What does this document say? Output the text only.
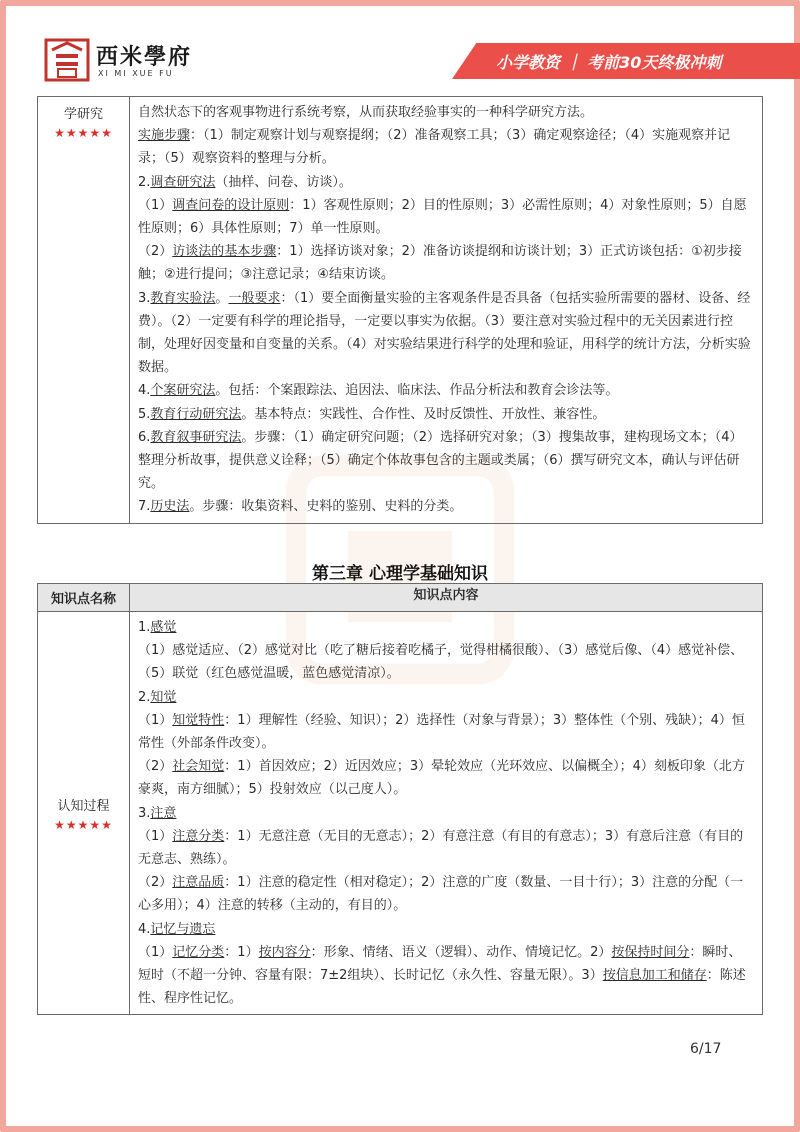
西米學府
XI MI XUE FU
小学教资 ｜ 考前30天终极冲刺
学研究
★★★★★
自然状态下的客观事物进行系统考察，从而获取经验事实的一种科学研究方法。
实施步骤：（1）制定观察计划与观察提纲；（2）准备观察工具；（3）确定观察途径；（4）实施观察并记录；（5）观察资料的整理与分析。
2.调查研究法（抽样、问卷、访谈）。
（1）调查问卷的设计原则：1）客观性原则；2）目的性原则；3）必需性原则；4）对象性原则；5）自愿性原则；6）具体性原则；7）单一性原则。
（2）访谈法的基本步骤：1）选择访谈对象；2）准备访谈提纲和访谈计划；3）正式访谈包括：①初步接触；②进行提问；③注意记录；④结束访谈。
3.教育实验法。一般要求：（1）要全面衡量实验的主客观条件是否具备（包括实验所需要的器材、设备、经费）。（2）一定要有科学的理论指导，一定要以事实为依据。（3）要注意对实验过程中的无关因素进行控制，处理好因变量和自变量的关系。（4）对实验结果进行科学的处理和验证，用科学的统计方法，分析实验数据。
4.个案研究法。包括：个案跟踪法、追因法、临床法、作品分析法和教育会诊法等。
5.教育行动研究法。基本特点：实践性、合作性、及时反馈性、开放性、兼容性。
6.教育叙事研究法。步骤：（1）确定研究问题；（2）选择研究对象；（3）搜集故事，建构现场文本；（4）整理分析故事，提供意义诠释；（5）确定个体故事包含的主题或类属；（6）撰写研究文本，确认与评估研究。
7.历史法。步骤：收集资料、史料的鉴别、史料的分类。
第三章 心理学基础知识
知识点名称	知识点内容
认知过程
★★★★★
1.感觉
（1）感觉适应、（2）感觉对比（吃了糖后接着吃橘子，觉得柑橘很酸）、（3）感觉后像、（4）感觉补偿、（5）联觉（红色感觉温暖，蓝色感觉清凉）。
2.知觉
（1）知觉特性：1）理解性（经验、知识）；2）选择性（对象与背景）；3）整体性（个别、残缺）；4）恒常性（外部条件改变）。
（2）社会知觉：1）首因效应；2）近因效应；3）晕轮效应（光环效应、以偏概全）；4）刻板印象（北方豪爽，南方细腻）；5）投射效应（以己度人）。
3.注意
（1）注意分类：1）无意注意（无目的无意志）；2）有意注意（有目的有意志）；3）有意后注意（有目的无意志、熟练）。
（2）注意品质：1）注意的稳定性（相对稳定）；2）注意的广度（数量、一目十行）；3）注意的分配（一心多用）；4）注意的转移（主动的，有目的）。
4.记忆与遗忘
（1）记忆分类：1）按内容分：形象、情绪、语义（逻辑）、动作、情境记忆。2）按保持时间分：瞬时、短时（不超一分钟、容量有限：7±2组块）、长时记忆（永久性、容量无限）。3）按信息加工和储存：陈述性、程序性记忆。
6/17
